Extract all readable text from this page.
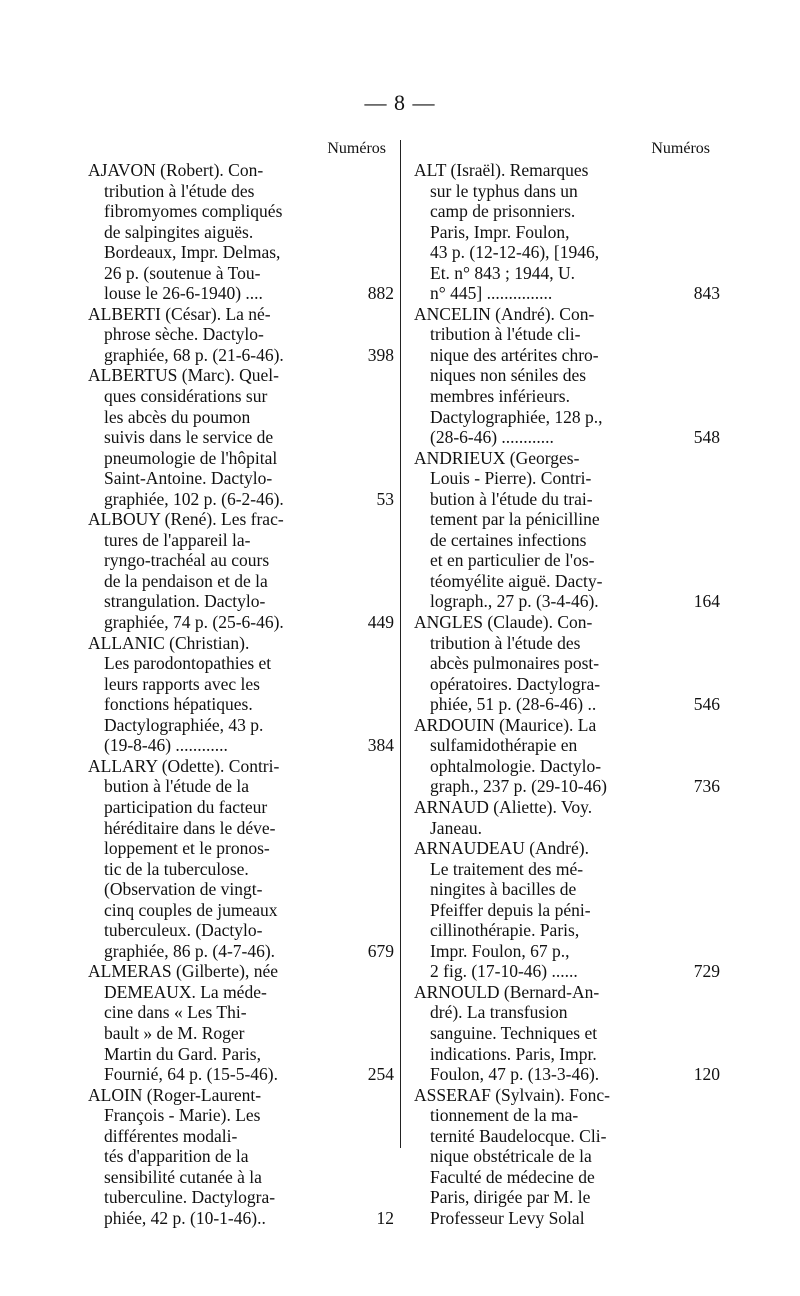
— 8 —
Numéros
AJAVON (Robert). Con-
tribution à l'étude des
fibromyomes compliqués
de salpingites aiguës.
Bordeaux, Impr. Delmas,
26 p. (soutenue à Tou-
louse le 26-6-1940) ....	882
ALBERTI (César). La né-
phrose sèche. Dactylo-
graphiée, 68 p. (21-6-46).	398
ALBERTUS (Marc). Quel-
ques considérations sur
les abcès du poumon
suivis dans le service de
pneumologie de l'hôpital
Saint-Antoine. Dactylo-
graphiée, 102 p. (6-2-46).	53
ALBOUY (René). Les frac-
tures de l'appareil la-
ryngo-trachéal au cours
de la pendaison et de la
strangulation. Dactylo-
graphiée, 74 p. (25-6-46).	449
ALLANIC (Christian).
Les parodontopathies et
leurs rapports avec les
fonctions hépatiques.
Dactylographiée, 43 p.
(19-8-46) ............	384
ALLARY (Odette). Contri-
bution à l'étude de la
participation du facteur
héréditaire dans le déve-
loppement et le pronos-
tic de la tuberculose.
(Observation de vingt-
cinq couples de jumeaux
tuberculeux. (Dactylo-
graphiée, 86 p. (4-7-46).	679
ALMERAS (Gilberte), née
DEMEAUX. La méde-
cine dans « Les Thi-
bault » de M. Roger
Martin du Gard. Paris,
Fournié, 64 p. (15-5-46).	254
ALOIN (Roger-Laurent-
François - Marie). Les
différentes modali-
tés d'apparition de la
sensibilité cutanée à la
tuberculine. Dactylogra-
phiée, 42 p. (10-1-46)..	12
Numéros
ALT (Israël). Remarques
sur le typhus dans un
camp de prisonniers.
Paris, Impr. Foulon,
43 p. (12-12-46), [1946,
Et. n° 843 ; 1944, U.
n° 445] ...............	843
ANCELIN (André). Con-
tribution à l'étude cli-
nique des artérites chro-
niques non séniles des
membres inférieurs.
Dactylographiée, 128 p.,
(28-6-46) ............	548
ANDRIEUX (Georges-
Louis - Pierre). Contri-
bution à l'étude du trai-
tement par la pénicilline
de certaines infections
et en particulier de l'os-
téomyélite aiguë. Dacty-
lograph., 27 p. (3-4-46).	164
ANGLES (Claude). Con-
tribution à l'étude des
abcès pulmonaires post-
opératoires. Dactylogra-
phiée, 51 p. (28-6-46) ..	546
ARDOUIN (Maurice). La
sulfamidothérapie en
ophtalmologie. Dactylo-
graph., 237 p. (29-10-46)	736
ARNAUD (Aliette). Voy.
Janeau.
ARNAUDEAU (André).
Le traitement des mé-
ningites à bacilles de
Pfeiffer depuis la péni-
cillinothérapie. Paris,
Impr. Foulon, 67 p.,
2 fig. (17-10-46) ......	729
ARNOULD (Bernard-An-
dré). La transfusion
sanguine. Techniques et
indications. Paris, Impr.
Foulon, 47 p. (13-3-46).	120
ASSERAF (Sylvain). Fonc-
tionnement de la ma-
ternité Baudelocque. Cli-
nique obstétricale de la
Faculté de médecine de
Paris, dirigée par M. le
Professeur Levy Solal
